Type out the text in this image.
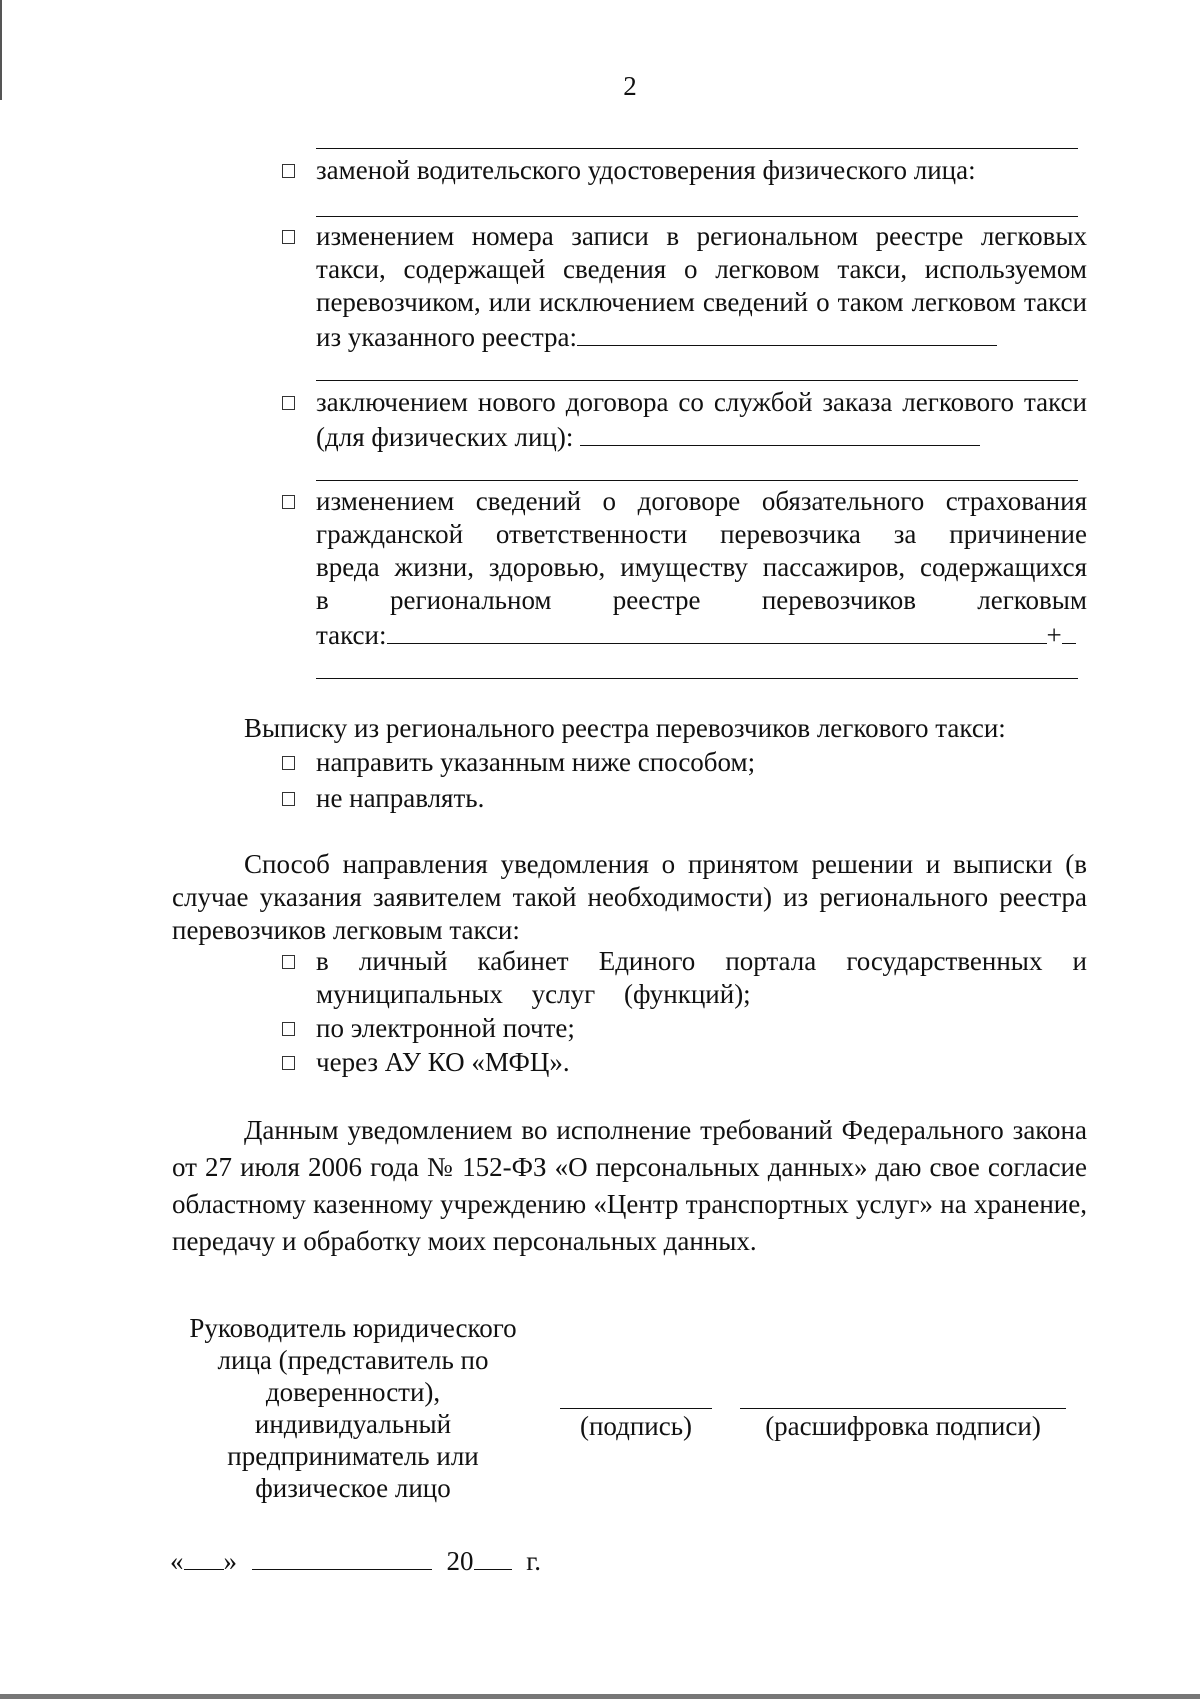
2

заменой водительского удостоверения физического лица:

изменением номера записи в региональном реестре легковых такси, содержащей сведения о легковом такси, используемом перевозчиком, или исключением сведений о таком легковом такси из указанного реестра:

заключением нового договора со службой заказа легкового такси (для физических лиц):

изменением сведений о договоре обязательного страхования

гражданской ответственности перевозчика за причинение

вреда жизни, здоровью, имуществу пассажиров, содержащихся

в региональном реестре перевозчиков легковым

такси:	+

Выписку из регионального реестра перевозчиков легкового такси:
направить указанным ниже способом;
не направлять.

Способ направления уведомления о принятом решении и выписки (в случае указания заявителем такой необходимости) из регионального реестра перевозчиков легковым такси:

в личный кабинет Единого портала государственных и муниципальных услуг (функций);

по электронной почте;
через АУ КО «МФЦ».

Данным уведомлением во исполнение требований Федерального закона от 27 июля 2006 года № 152-ФЗ «О персональных данных» даю свое согласие областному казенному учреждению «Центр транспортных услуг» на хранение, передачу и обработку моих персональных данных.

Руководитель юридического
лица (представитель по
доверенности),
индивидуальный
предприниматель или
физическое лицо
(подпись)	(расшифровка подписи)
« »	20 г.
